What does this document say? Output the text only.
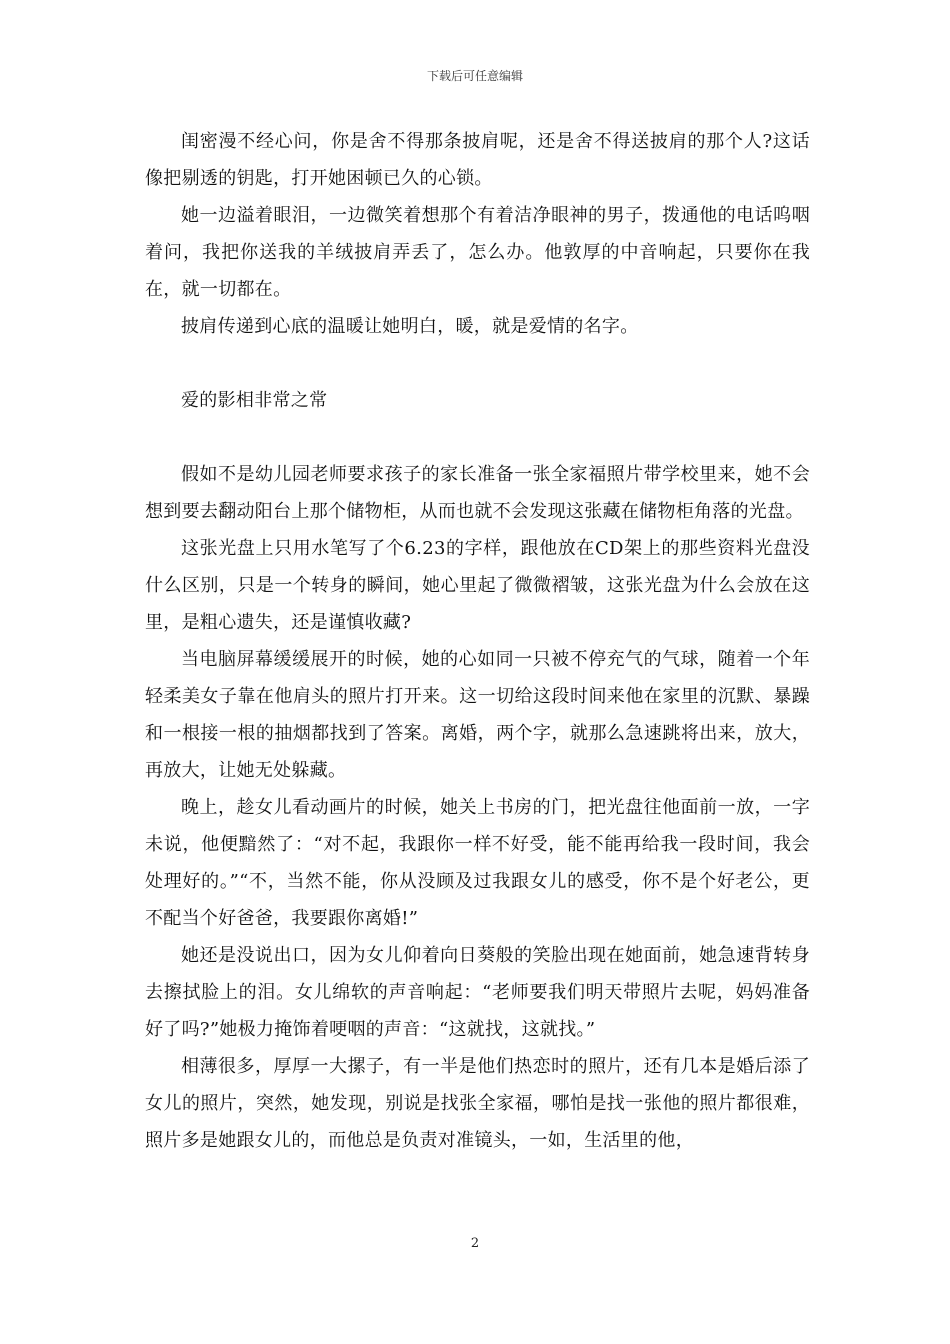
下载后可任意编辑

闺密漫不经心问，你是舍不得那条披肩呢，还是舍不得送披肩的那个人?这话像把剔透的钥匙，打开她困顿已久的心锁。

她一边溢着眼泪，一边微笑着想那个有着洁净眼神的男子，拨通他的电话呜咽着问，我把你送我的羊绒披肩弄丢了，怎么办。他敦厚的中音响起，只要你在我在，就一切都在。

披肩传递到心底的温暖让她明白，暖，就是爱情的名字。

爱的影相非常之常

假如不是幼儿园老师要求孩子的家长准备一张全家福照片带学校里来，她不会想到要去翻动阳台上那个储物柜，从而也就不会发现这张藏在储物柜角落的光盘。

这张光盘上只用水笔写了个6.23的字样，跟他放在CD架上的那些资料光盘没什么区别，只是一个转身的瞬间，她心里起了微微褶皱，这张光盘为什么会放在这里，是粗心遗失，还是谨慎收藏?

当电脑屏幕缓缓展开的时候，她的心如同一只被不停充气的气球，随着一个年轻柔美女子靠在他肩头的照片打开来。这一切给这段时间来他在家里的沉默、暴躁和一根接一根的抽烟都找到了答案。离婚，两个字，就那么急速跳将出来，放大，再放大，让她无处躲藏。

晚上，趁女儿看动画片的时候，她关上书房的门，把光盘往他面前一放，一字未说，他便黯然了：“对不起，我跟你一样不好受，能不能再给我一段时间，我会处理好的。”“不，当然不能，你从没顾及过我跟女儿的感受，你不是个好老公，更不配当个好爸爸，我要跟你离婚!”

她还是没说出口，因为女儿仰着向日葵般的笑脸出现在她面前，她急速背转身去擦拭脸上的泪。女儿绵软的声音响起：“老师要我们明天带照片去呢，妈妈准备好了吗?”她极力掩饰着哽咽的声音：“这就找，这就找。”

相薄很多，厚厚一大摞子，有一半是他们热恋时的照片，还有几本是婚后添了女儿的照片，突然，她发现，别说是找张全家福，哪怕是找一张他的照片都很难，照片多是她跟女儿的，而他总是负责对准镜头，一如，生活里的他，

2
